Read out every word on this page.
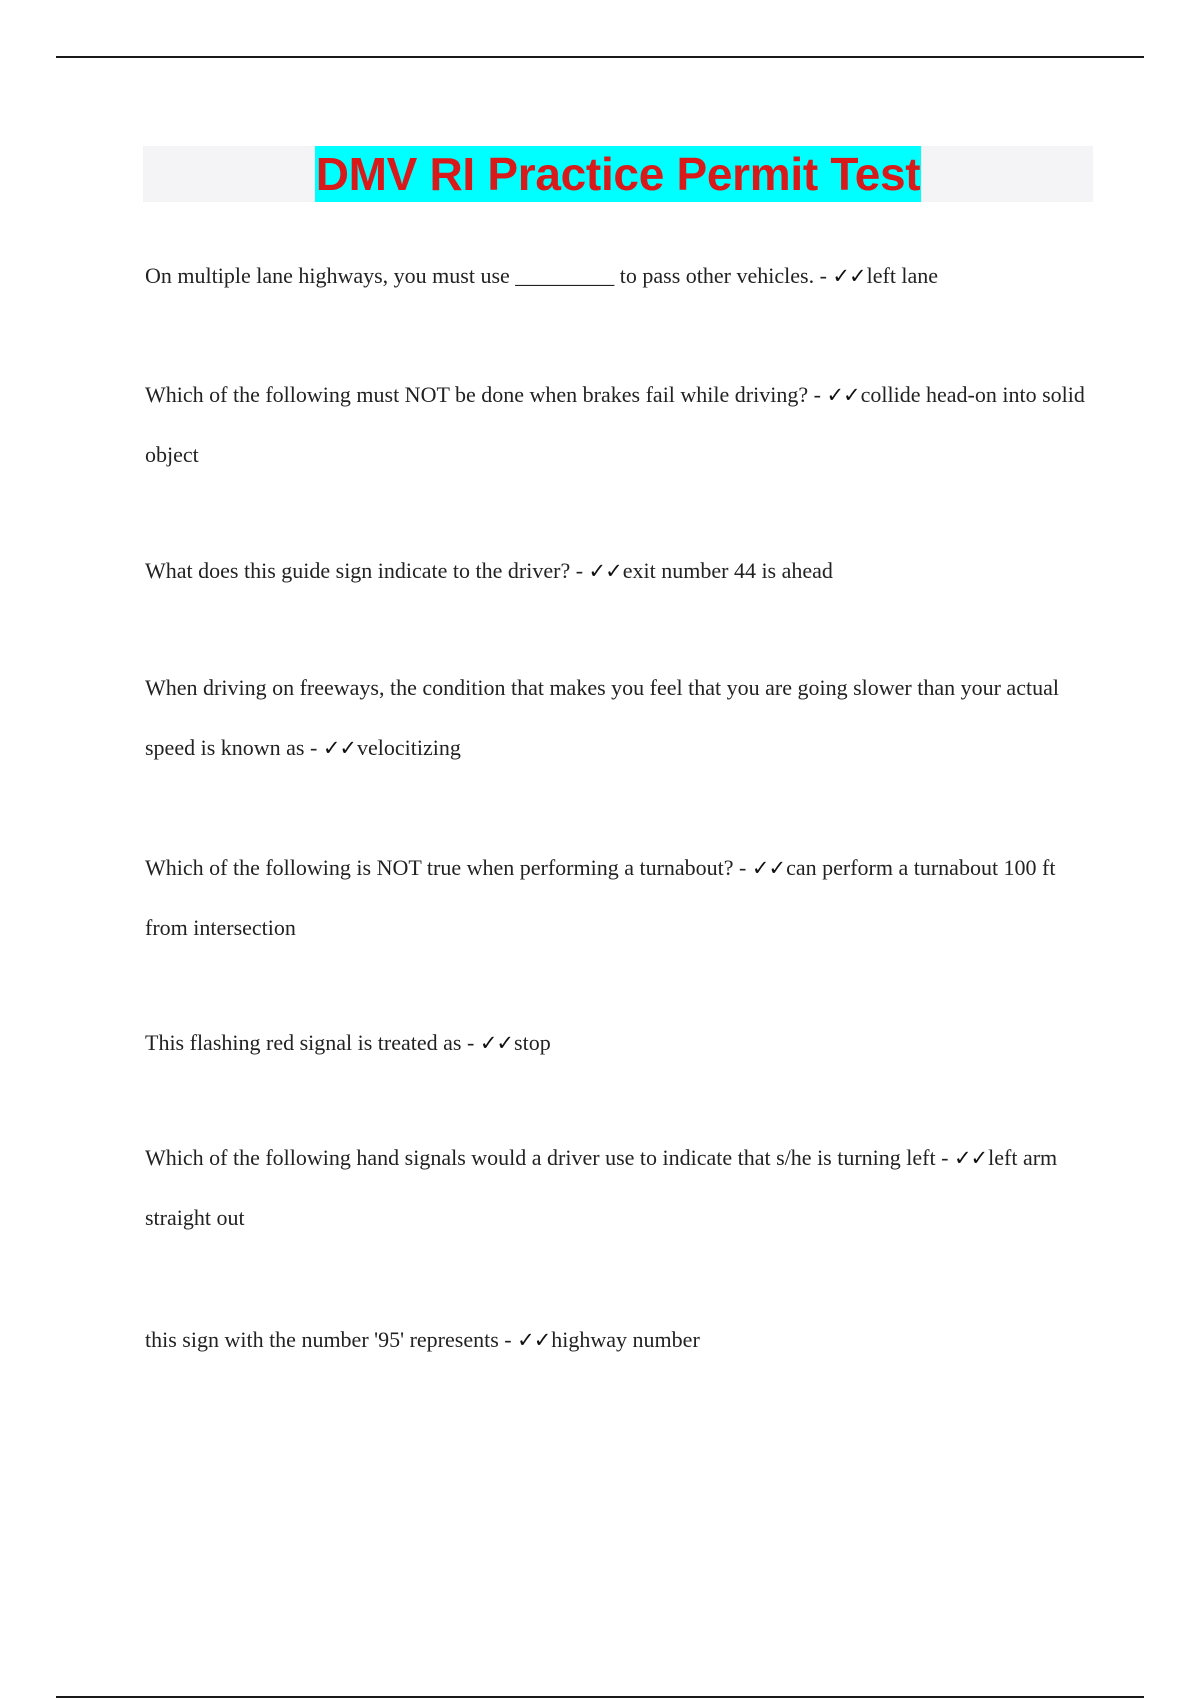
DMV RI Practice Permit Test
On multiple lane highways, you must use _________ to pass other vehicles. - ✓✓left lane
Which of the following must NOT be done when brakes fail while driving? - ✓✓collide head-on into solid object
What does this guide sign indicate to the driver? - ✓✓exit number 44 is ahead
When driving on freeways, the condition that makes you feel that you are going slower than your actual speed is known as - ✓✓velocitizing
Which of the following is NOT true when performing a turnabout? - ✓✓can perform a turnabout 100 ft from intersection
This flashing red signal is treated as - ✓✓stop
Which of the following hand signals would a driver use to indicate that s/he is turning left - ✓✓left arm straight out
this sign with the number '95' represents - ✓✓highway number
